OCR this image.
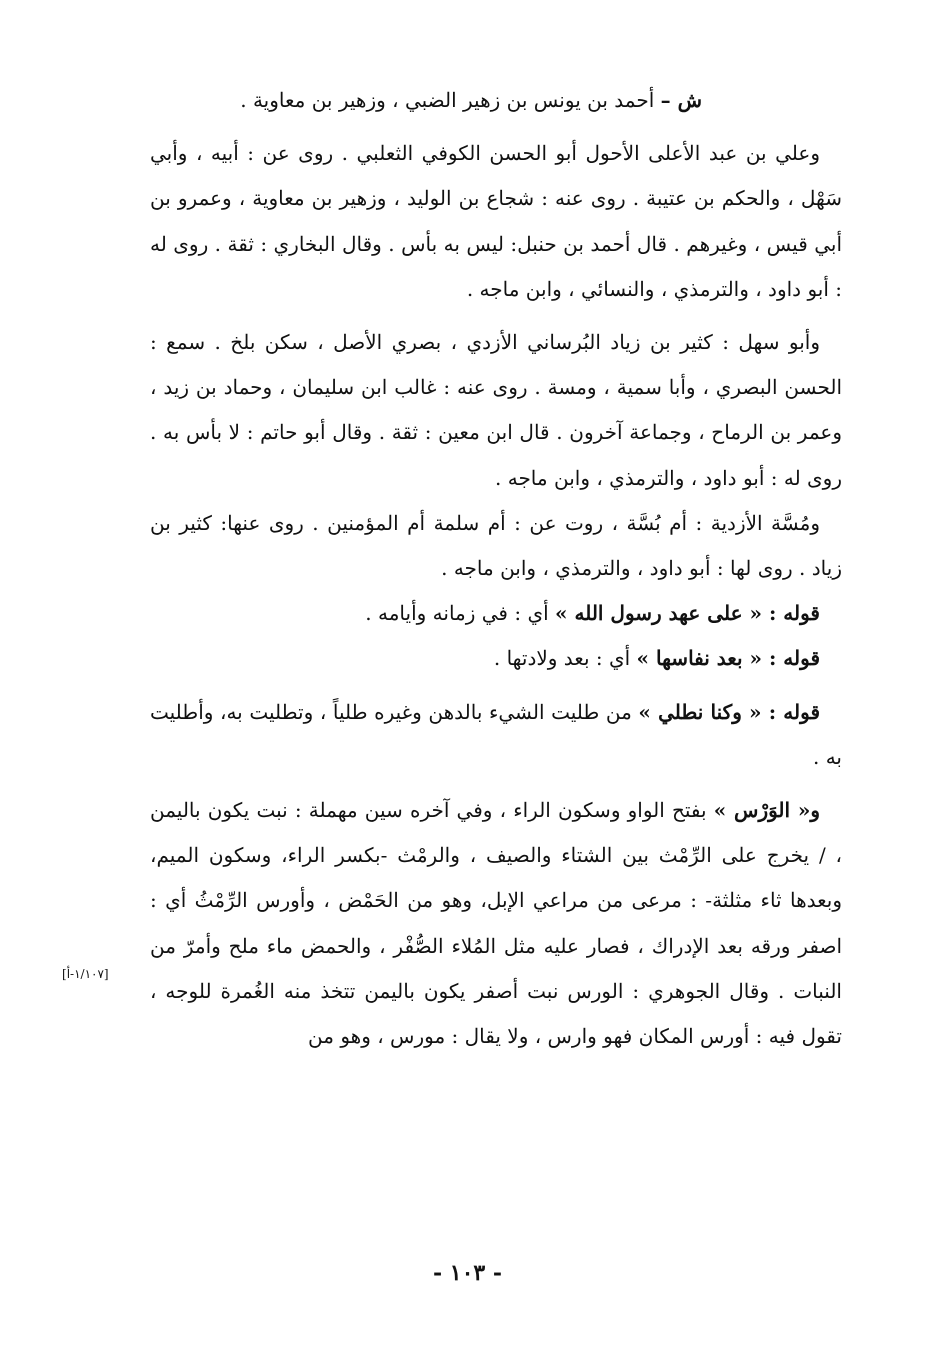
ش – أحمد بن يونس بن زهير الضبي ، وزهير بن معاوية .

وعلي بن عبد الأعلى الأحول أبو الحسن الكوفي الثعلبي . روى عن : أبيه ، وأبي سَهْل ، والحكم بن عتيبة . روى عنه : شجاع بن الوليد ، وزهير بن معاوية ، وعمرو بن أبي قيس ، وغيرهم . قال أحمد بن حنبل: ليس به بأس . وقال البخاري : ثقة . روى له : أبو داود ، والترمذي ، والنسائي ، وابن ماجه .

وأبو سهل : كثير بن زياد البُرساني الأزدي ، بصري الأصل ، سكن بلخ . سمع : الحسن البصري ، وأبا سمية ، ومسة . روى عنه : غالب ابن سليمان ، وحماد بن زيد ، وعمر بن الرماح ، وجماعة آخرون . قال ابن معين : ثقة . وقال أبو حاتم : لا بأس به . روى له : أبو داود ، والترمذي ، وابن ماجه .

ومُسَّة الأزدية : أم بُسَّة ، روت عن : أم سلمة أم المؤمنين . روى عنها: كثير بن زياد . روى لها : أبو داود ، والترمذي ، وابن ماجه .

قوله : « على عهد رسول الله » أي : في زمانه وأيامه .

قوله : « بعد نفاسها » أي : بعد ولادتها .

قوله : « وكنا نطلي » من طليت الشيء بالدهن وغيره طلياً ، وتطليت به، وأطليت به .

و« الوَرْس » بفتح الواو وسكون الراء ، وفي آخره سين مهملة : نبت يكون باليمن ، / يخرج على الرِّمْث بين الشتاء والصيف ، والرمْث -بكسر الراء، وسكون الميم، وبعدها ثاء مثلثة- : مرعى من مراعي الإبل، وهو من الحَمْض ، وأورس الرِّمْثُ أي : اصفر ورقه بعد الإدراك ، فصار عليه مثل المُلاء الصُّفْر ، والحمض ماء ملح وأمرّ من النبات . وقال الجوهري : الورس نبت أصفر يكون باليمن تتخذ منه الغُمرة للوجه ، تقول فيه : أورس المكان فهو وارس ، ولا يقال : مورس ، وهو من

[١/١٠٧-أ]
- ١٠٣ -
